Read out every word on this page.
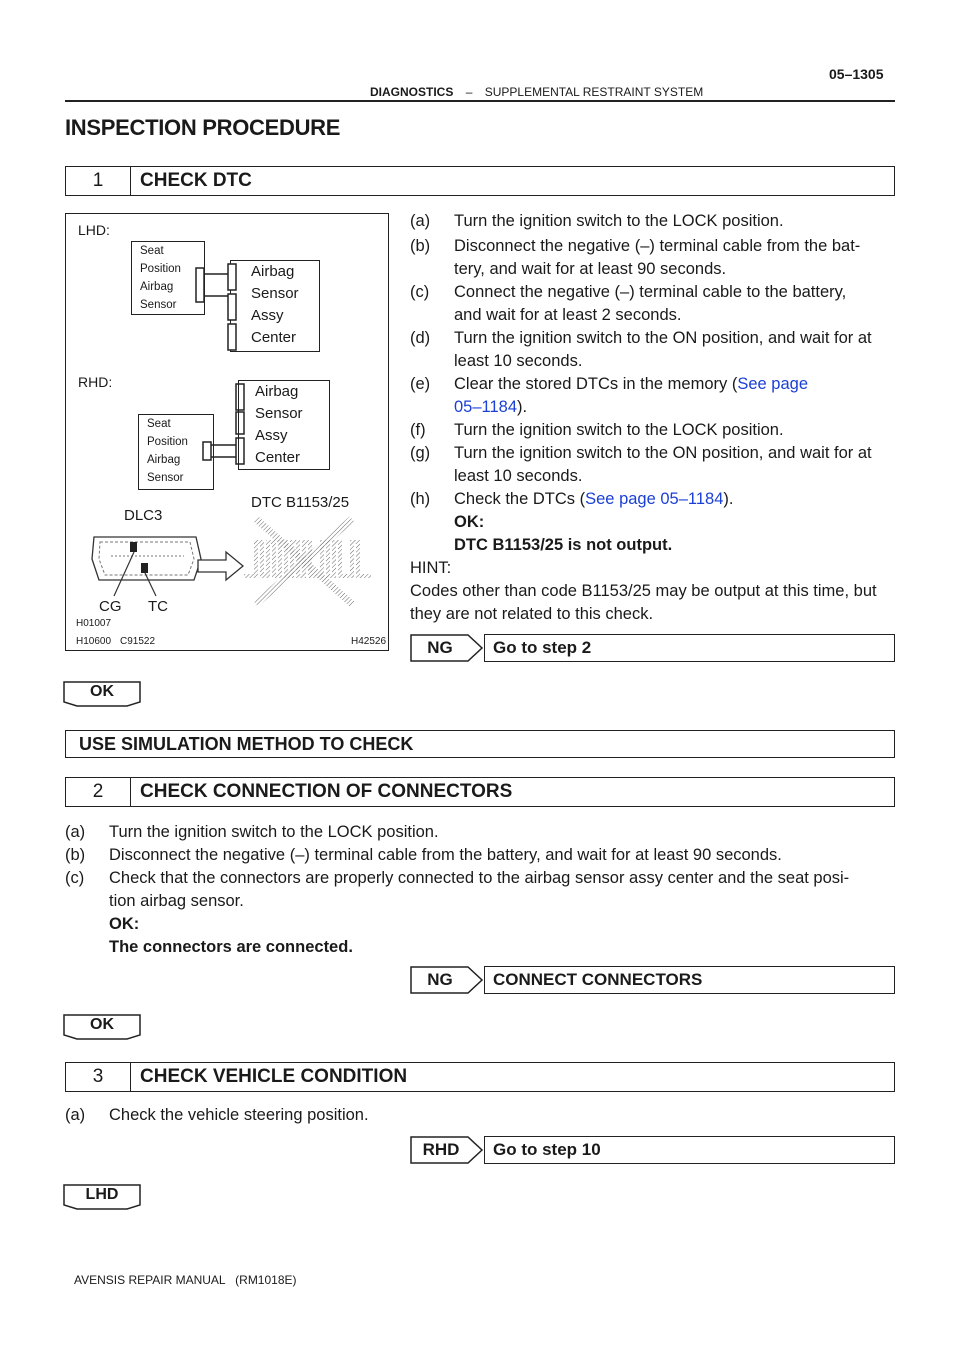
05–1305
DIAGNOSTICS – SUPPLEMENTAL RESTRAINT SYSTEM
INSPECTION PROCEDURE
1	CHECK DTC
LHD:
Seat
Position
Airbag
Sensor
Airbag
Sensor
Assy
Center
RHD:
Airbag
Sensor
Assy
Center
Seat
Position
Airbag
Sensor
DTC B1153/25
DLC3
CG TC
H01007
H10600 C91522	H42526
(a) Turn the ignition switch to the LOCK position.
(b) Disconnect the negative (–) terminal cable from the bat-
tery, and wait for at least 90 seconds.
(c) Connect the negative (–) terminal cable to the battery,
and wait for at least 2 seconds.
(d) Turn the ignition switch to the ON position, and wait for at
least 10 seconds.
(e) Clear the stored DTCs in the memory (See page
05–1184).
(f) Turn the ignition switch to the LOCK position.
(g) Turn the ignition switch to the ON position, and wait for at
least 10 seconds.
(h) Check the DTCs (See page 05–1184).
OK:
DTC B1153/25 is not output.
HINT:
Codes other than code B1153/25 may be output at this time, but
they are not related to this check.
NG	Go to step 2
OK
USE SIMULATION METHOD TO CHECK
2	CHECK CONNECTION OF CONNECTORS
(a) Turn the ignition switch to the LOCK position.
(b) Disconnect the negative (–) terminal cable from the battery, and wait for at least 90 seconds.
(c) Check that the connectors are properly connected to the airbag sensor assy center and the seat posi-
tion airbag sensor.
OK:
The connectors are connected.
NG	CONNECT CONNECTORS
OK
3	CHECK VEHICLE CONDITION
(a) Check the vehicle steering position.
RHD	Go to step 10
LHD
AVENSIS REPAIR MANUAL   (RM1018E)
